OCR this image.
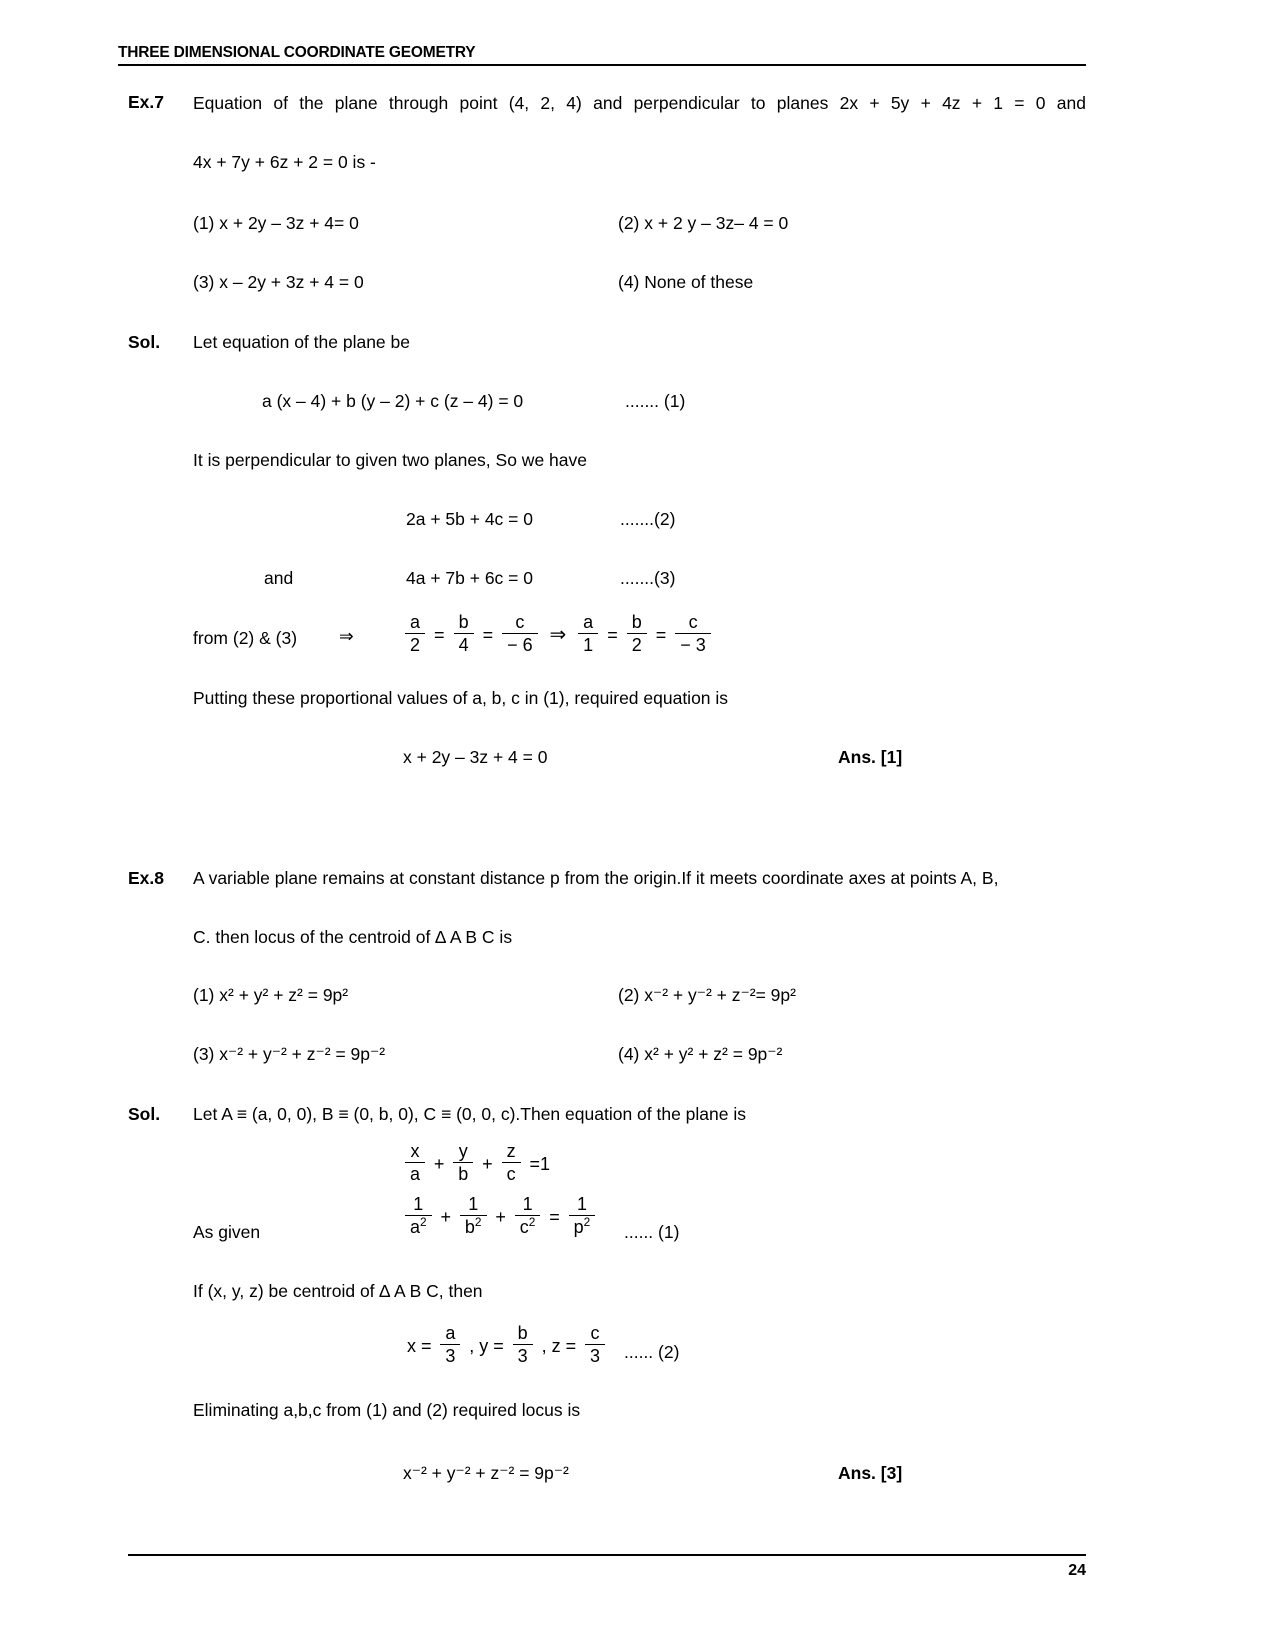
THREE DIMENSIONAL COORDINATE GEOMETRY
Ex.7 Equation of the plane through point (4, 2, 4) and perpendicular to planes 2x + 5y + 4z + 1 = 0 and
4x + 7y + 6z + 2 = 0 is -
(1) x + 2y – 3z + 4= 0	(2) x + 2 y – 3z– 4 = 0
(3) x – 2y + 3z + 4 = 0	(4) None of these
Sol. Let equation of the plane be
a (x – 4) + b (y – 2) + c (z – 4) = 0	....... (1)
It is perpendicular to given two planes, So we have
2a + 5b + 4c = 0	.......(2)
and	4a + 7b + 6c = 0	.......(3)
from (2) & (3) ⇒	$\frac{a}{2} = \frac{b}{4} = \frac{c}{- 6}$ ⇒ $\frac{a}{1} = \frac{b}{2} = \frac{c}{- 3}$
Putting these proportional values of a, b, c in (1), required equation is
x + 2y – 3z + 4 = 0	Ans. [1]
Ex.8 A variable plane remains at constant distance p from the origin.If it meets coordinate axes at points A, B,
C. then locus of the centroid of ∆ A B C is
(1) x² + y² + z² = 9p²	(2) x⁻² + y⁻² + z⁻²= 9p²
(3) x⁻² + y⁻² + z⁻² = 9p⁻²	(4) x² + y² + z² = 9p⁻²
Sol. Let A ≡ (a, 0, 0), B ≡ (0, b, 0), C ≡ (0, 0, c).Then equation of the plane is
$\frac{x}{a} + \frac{y}{b} + \frac{z}{c} =1$
As given	$\frac{1}{a^2} + \frac{1}{b^2} + \frac{1}{c^2} = \frac{1}{p^2}$ ...... (1)
If (x, y, z) be centroid of ∆ A B C, then
$x = \frac{a}{3}$ , $y = \frac{b}{3}$ , $z = \frac{c}{3}$ ...... (2)
Eliminating a,b,c from (1) and (2) required locus is
x⁻² + y⁻² + z⁻² = 9p⁻²	Ans. [3]
24
